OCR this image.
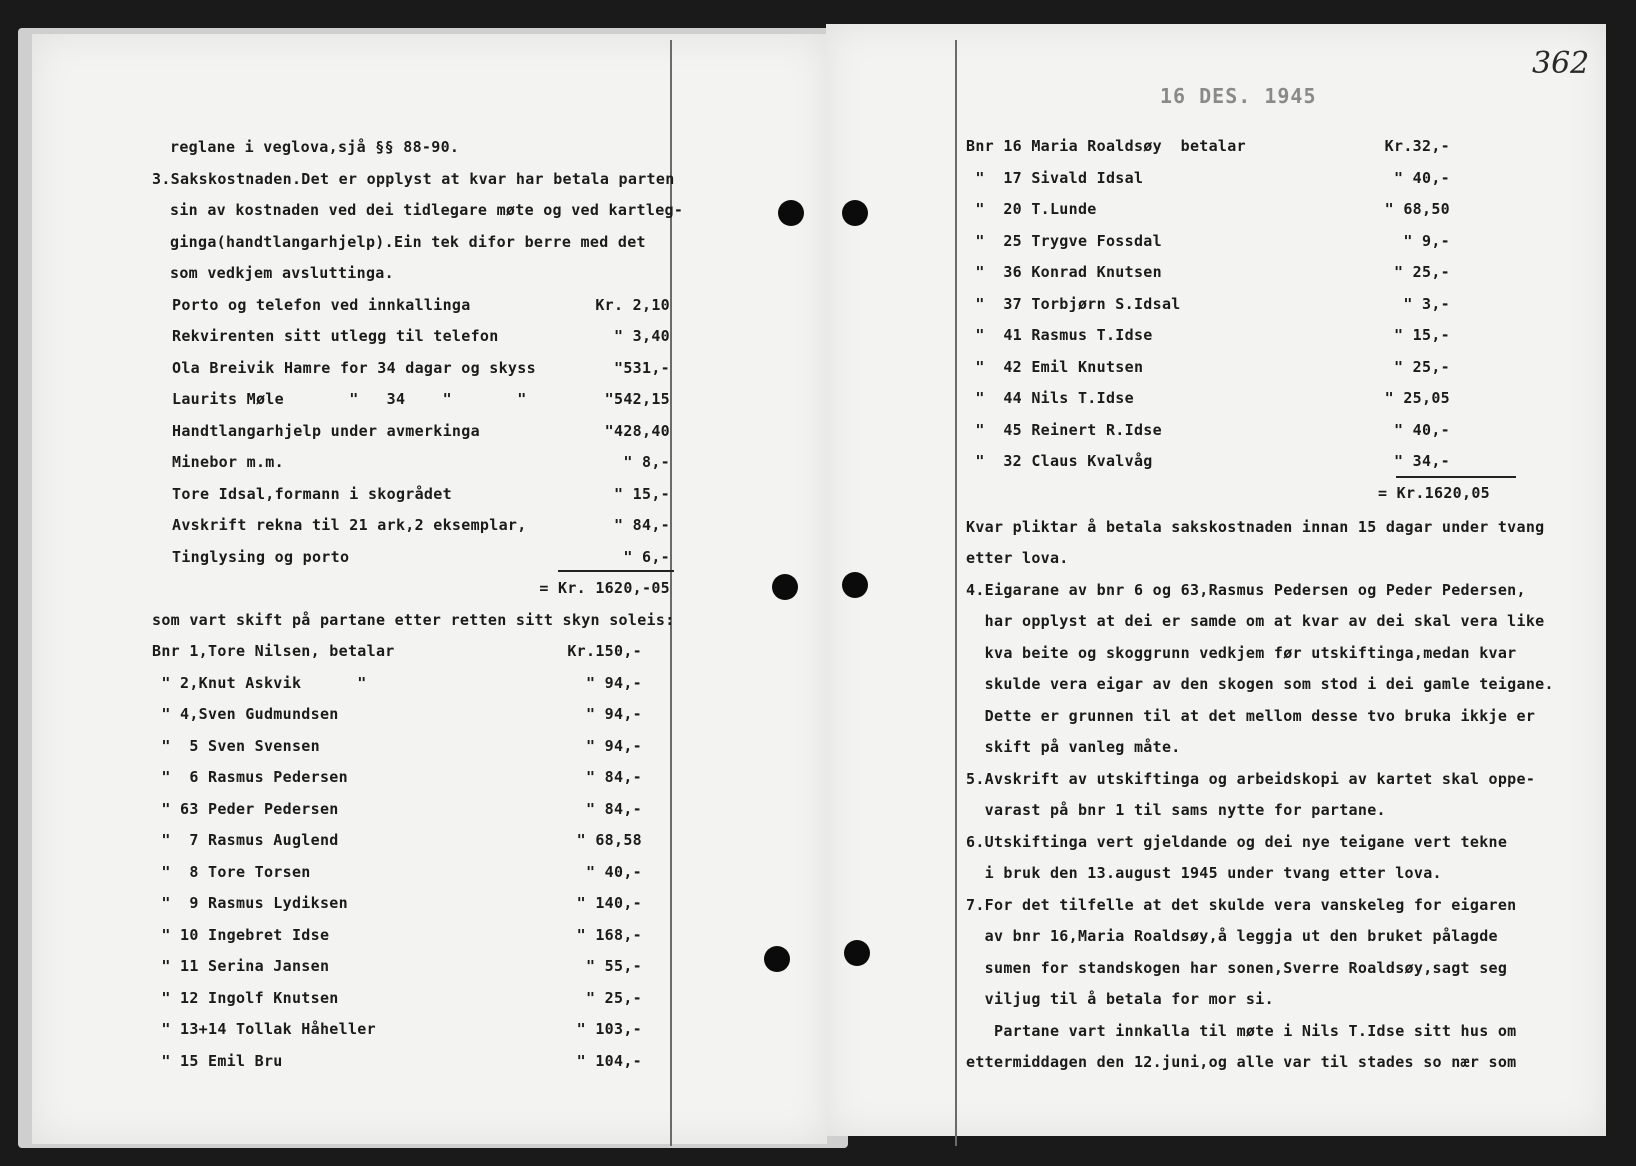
16 DES. 1945
362
reglane i veglova,sjå §§ 88-90.
3.Sakskostnaden.Det er opplyst at kvar har betala parten
sin av kostnaden ved dei tidlegare møte og ved kartleg-
ginga(handtlangarhjelp).Ein tek difor berre med det
som vedkjem avsluttinga.
Porto og telefon ved innkallinga	Kr. 2,10
Rekvirenten sitt utlegg til telefon	" 3,40
Ola Breivik Hamre for 34 dagar og skyss	"531,-
Laurits Møle       "   34    "       "	"542,15
Handtlangarhjelp under avmerkinga	"428,40
Minebor m.m.	" 8,-
Tore Idsal,formann i skogrådet	" 15,-
Avskrift rekna til 21 ark,2 eksemplar,	" 84,-
Tinglysing og porto	" 6,-
= Kr. 1620,-05
som vart skift på partane etter retten sitt skyn soleis:
Bnr 1,Tore Nilsen, betalar	Kr.150,-
" 2,Knut Askvik      "	" 94,-
" 4,Sven Gudmundsen	" 94,-
"  5 Sven Svensen	" 94,-
"  6 Rasmus Pedersen	" 84,-
" 63 Peder Pedersen	" 84,-
"  7 Rasmus Auglend	" 68,58
"  8 Tore Torsen	" 40,-
"  9 Rasmus Lydiksen	" 140,-
" 10 Ingebret Idse	" 168,-
" 11 Serina Jansen	" 55,-
" 12 Ingolf Knutsen	" 25,-
" 13+14 Tollak Håheller	" 103,-
" 15 Emil Bru	" 104,-
Bnr 16 Maria Roaldsøy  betalar	Kr.32,-
"  17 Sivald Idsal	" 40,-
"  20 T.Lunde	" 68,50
"  25 Trygve Fossdal	" 9,-
"  36 Konrad Knutsen	" 25,-
"  37 Torbjørn S.Idsal	" 3,-
"  41 Rasmus T.Idse	" 15,-
"  42 Emil Knutsen	" 25,-
"  44 Nils T.Idse	" 25,05
"  45 Reinert R.Idse	" 40,-
"  32 Claus Kvalvåg	" 34,-
= Kr.1620,05
Kvar pliktar å betala sakskostnaden innan 15 dagar under tvang
etter lova.
4.Eigarane av bnr 6 og 63,Rasmus Pedersen og Peder Pedersen,
har opplyst at dei er samde om at kvar av dei skal vera like
kva beite og skoggrunn vedkjem før utskiftinga,medan kvar
skulde vera eigar av den skogen som stod i dei gamle teigane.
Dette er grunnen til at det mellom desse tvo bruka ikkje er
skift på vanleg måte.
5.Avskrift av utskiftinga og arbeidskopi av kartet skal oppe-
varast på bnr 1 til sams nytte for partane.
6.Utskiftinga vert gjeldande og dei nye teigane vert tekne
i bruk den 13.august 1945 under tvang etter lova.
7.For det tilfelle at det skulde vera vanskeleg for eigaren
av bnr 16,Maria Roaldsøy,å leggja ut den bruket pålagde
sumen for standskogen har sonen,Sverre Roaldsøy,sagt seg
viljug til å betala for mor si.
Partane vart innkalla til møte i Nils T.Idse sitt hus om
ettermiddagen den 12.juni,og alle var til stades so nær som
